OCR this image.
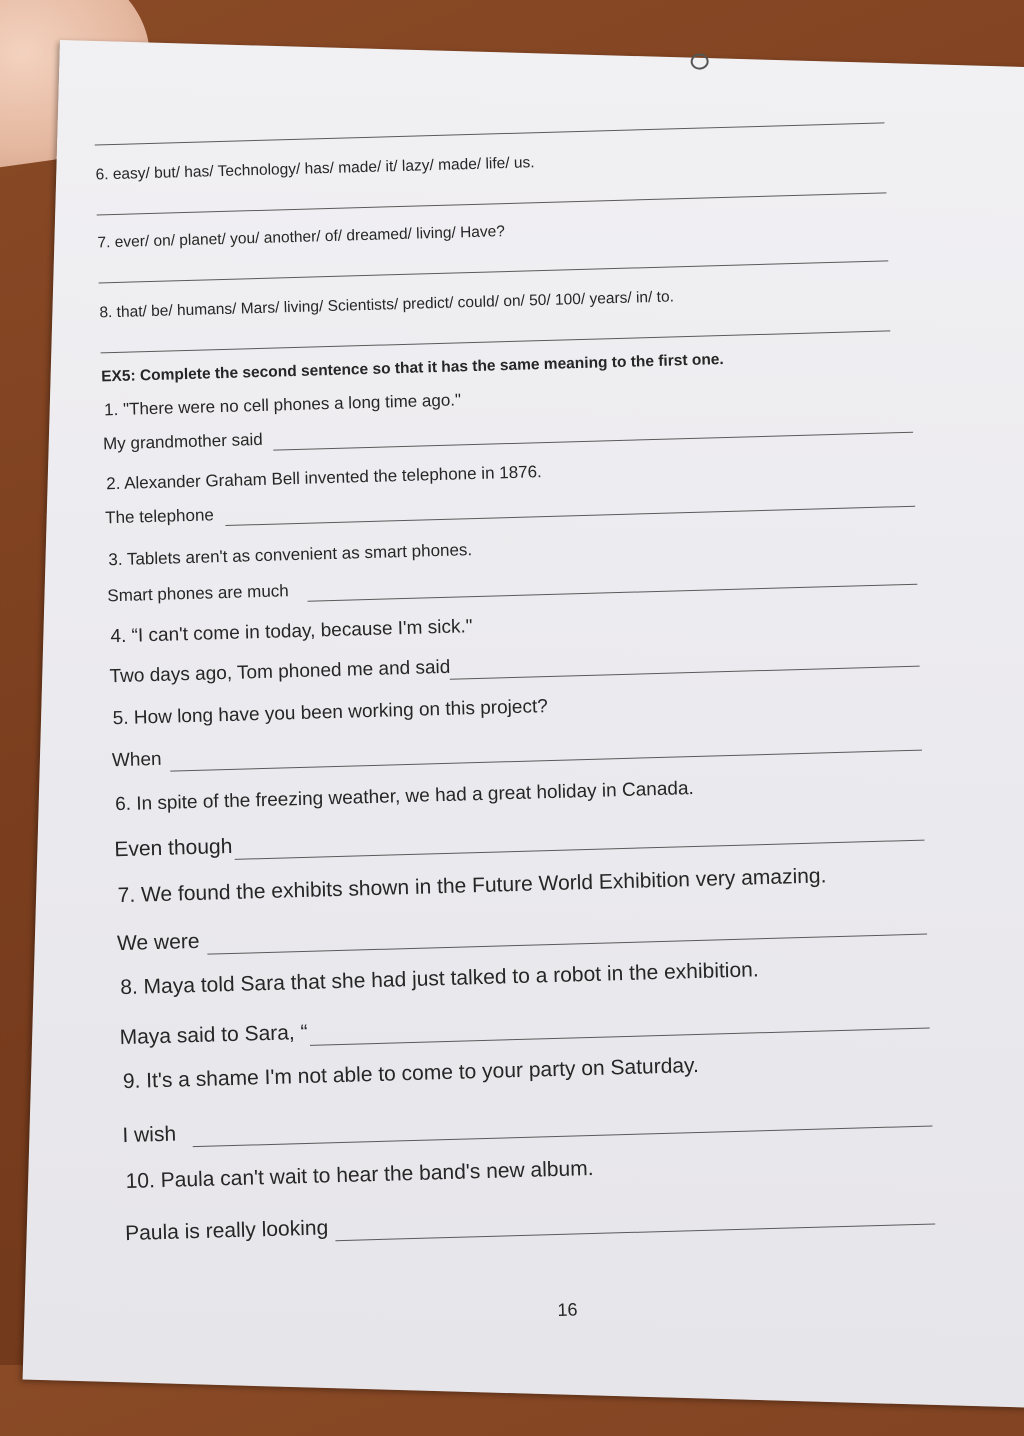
6. easy/ but/ has/ Technology/ has/ made/ it/ lazy/ made/ life/ us.
7. ever/ on/ planet/ you/ another/ of/ dreamed/ living/ Have?
8. that/ be/ humans/ Mars/ living/ Scientists/ predict/ could/ on/ 50/ 100/ years/ in/ to.
EX5: Complete the second sentence so that it has the same meaning to the first one.
1. "There were no cell phones a long time ago."
My grandmother said
2. Alexander Graham Bell invented the telephone in 1876.
The telephone
3. Tablets aren't as convenient as smart phones.
Smart phones are much
4. “I can't come in today, because I'm sick."
Two days ago, Tom phoned me and said
5. How long have you been working on this project?
When
6. In spite of the freezing weather, we had a great holiday in Canada.
Even though
7. We found the exhibits shown in the Future World Exhibition very amazing.
We were
8. Maya told Sara that she had just talked to a robot in the exhibition.
Maya said to Sara, “
9. It's a shame I'm not able to come to your party on Saturday.
I wish
10. Paula can't wait to hear the band's new album.
Paula is really looking
16
